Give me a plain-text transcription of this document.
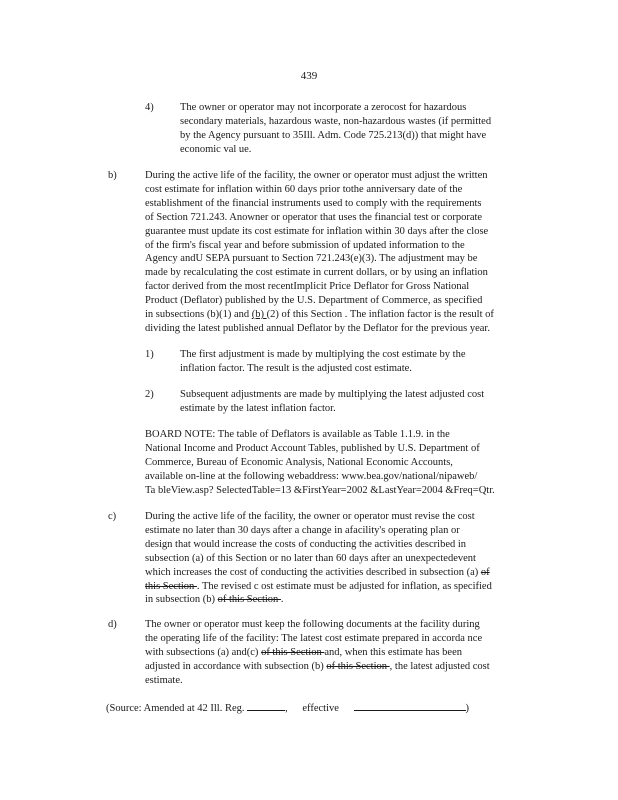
439
4)	The owner or operator may not incorporate a zerocost for hazardous
secondary materials, hazardous waste, non-hazardous wastes (if permitted
by the Agency pursuant to 35Ill. Adm. Code 725.213(d)) that might have
economic val ue.
b)	During the active life of the facility, the owner or operator must adjust the written
cost estimate for inflation within 60 days prior tothe anniversary date of the
establishment of the financial instruments used to comply with the requirements
of Section 721.243. Anowner or operator that uses the financial test or corporate
guarantee must update its cost estimate for inflation within 30 days after the close
of the firm's fiscal year and before submission of updated information to the
Agency andU SEPA pursuant to Section 721.243(e)(3). The adjustment may be
made by recalculating the cost estimate in current dollars, or by using an inflation
factor derived from the most recentImplicit Price Deflator for Gross National
Product (Deflator) published by the U.S. Department of Commerce, as specified
in subsections (b)(1) and (b) (2) of this Section . The inflation factor is the result of
dividing the latest published annual Deflator by the Deflator for the previous year.
1)	The first adjustment is made by multiplying the cost estimate by the
inflation factor. The result is the adjusted cost estimate.
2)	Subsequent adjustments are made by multiplying the latest adjusted cost
estimate by the latest inflation factor.
BOARD NOTE: The table of Deflators is available as Table 1.1.9. in the
National Income and Product Account Tables, published by U.S. Department of
Commerce, Bureau of Economic Analysis, National Economic Accounts,
available on-line at the following webaddress: www.bea.gov/national/nipaweb/
Ta bleView.asp? SelectedTable=13 &FirstYear=2002 &LastYear=2004 &Freq=Qtr.
c)	During the active life of the facility, the owner or operator must revise the cost
estimate no later than 30 days after a change in afacility's operating plan or
design that would increase the costs of conducting the activities described in
subsection (a) of this Section or no later than 60 days after an unexpectedevent
which increases the cost of conducting the activities described in subsection (a) of
this Section . The revised c ost estimate must be adjusted for inflation, as specified
in subsection (b) of this Section .
d)	The owner or operator must keep the following documents at the facility during
the operating life of the facility: The latest cost estimate prepared in accorda nce
with subsections (a) and(c) of this Section and, when this estimate has been
adjusted in accordance with subsection (b) of this Section , the latest adjusted cost
estimate.
(Source: Amended at 42 Ill. Reg.	, effective	)
